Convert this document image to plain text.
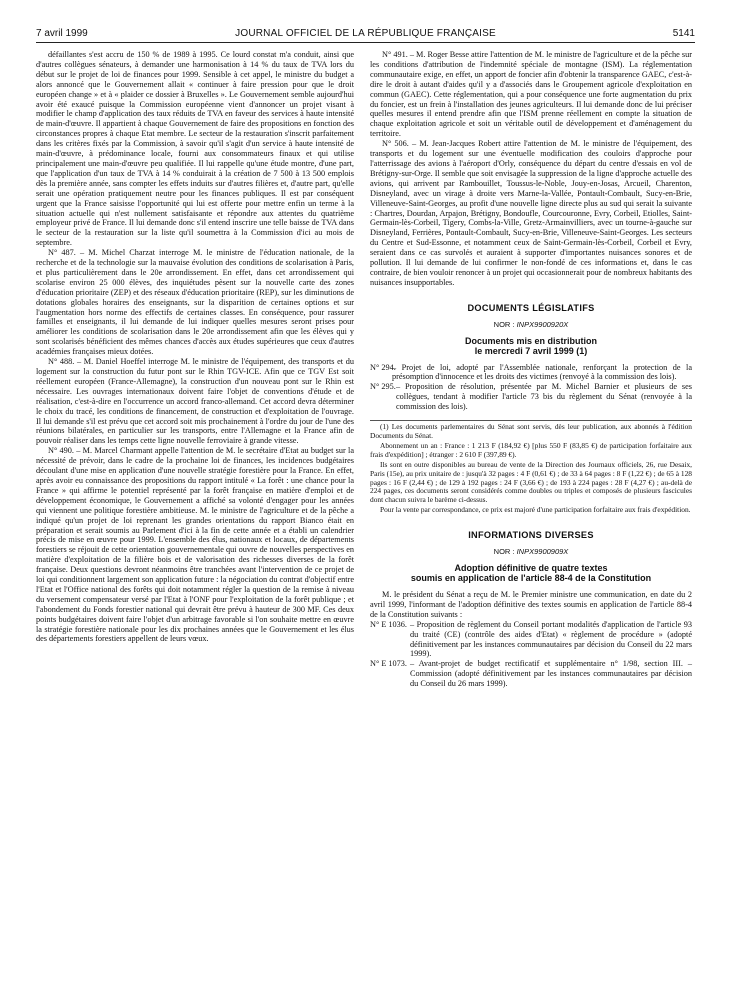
7 avril 1999	JOURNAL OFFICIEL DE LA RÉPUBLIQUE FRANÇAISE	5141

défaillantes s'est accru de 150 % de 1989 à 1995. Ce lourd constat m'a conduit, ainsi que d'autres collègues sénateurs, à demander une harmonisation à 14 % du taux de TVA lors du début sur le projet de loi de finances pour 1999. Sensible à cet appel, le ministre du budget a alors annoncé que le Gouvernement allait « continuer à faire pression pour que le droit européen change » et à « plaider ce dossier à Bruxelles ». Le Gouvernement semble aujourd'hui avoir été exaucé puisque la Commission européenne vient d'annoncer un projet visant à modifier le champ d'application des taux réduits de TVA en faveur des services à haute intensité de main-d'œuvre. Il appartient à chaque Gouvernement de faire des propositions en fonction des circonstances propres à chaque Etat membre. Le secteur de la restauration s'inscrit parfaitement dans les critères fixés par la Commission, à savoir qu'il s'agit d'un service à haute intensité de main-d'œuvre, à prédominance locale, fourni aux consommateurs finaux et qui utilise principalement une main-d'œuvre peu qualifiée. Il lui rappelle qu'une étude montre, d'une part, que l'application d'un taux de TVA à 14 % conduirait à la création de 7 500 à 13 500 emplois dès la première année, sans compter les effets induits sur d'autres filières et, d'autre part, qu'elle serait une opération pratiquement neutre pour les finances publiques. Il est par conséquent urgent que la France saisisse l'opportunité qui lui est offerte pour mettre enfin un terme à la situation actuelle qui n'est nullement satisfaisante et répondre aux attentes du quatrième employeur privé de France. Il lui demande donc s'il entend inscrire une telle baisse de TVA dans le secteur de la restauration sur la liste qu'il soumettra à la Commission d'ici au mois de septembre.

N° 487. – M. Michel Charzat interroge M. le ministre de l'éducation nationale, de la recherche et de la technologie sur la mauvaise évolution des conditions de scolarisation à Paris, et plus particulièrement dans le 20e arrondissement. En effet, dans cet arrondissement qui scolarise environ 25 000 élèves, des inquiétudes pèsent sur la nouvelle carte des zones d'éducation prioritaire (ZEP) et des réseaux d'éducation prioritaire (REP), sur les diminutions de dotations globales horaires des enseignants, sur la disparition de certaines options et sur l'augmentation hors norme des effectifs de certaines classes. En conséquence, pour rassurer familles et enseignants, il lui demande de lui indiquer quelles mesures seront prises pour améliorer les conditions de scolarisation dans le 20e arrondissement afin que les élèves qui y sont scolarisés bénéficient des mêmes chances d'accès aux études supérieures que ceux d'autres académies françaises mieux dotées.

N° 488. – M. Daniel Hoeffel interroge M. le ministre de l'équipement, des transports et du logement sur la construction du futur pont sur le Rhin TGV-ICE. Afin que ce TGV Est soit réellement européen (France-Allemagne), la construction d'un nouveau pont sur le Rhin est nécessaire. Les ouvrages internationaux doivent faire l'objet de conventions d'étude et de réalisation, c'est-à-dire en l'occurrence un accord franco-allemand. Cet accord devra déterminer le choix du tracé, les conditions de financement, de construction et d'exploitation de l'ouvrage. Il lui demande s'il est prévu que cet accord soit mis prochainement à l'ordre du jour de l'une des réunions bilatérales, en particulier sur les transports, entre l'Allemagne et la France afin de pouvoir réaliser dans les temps cette ligne nouvelle ferroviaire à grande vitesse.

N° 490. – M. Marcel Charmant appelle l'attention de M. le secrétaire d'Etat au budget sur la nécessité de prévoir, dans le cadre de la prochaine loi de finances, les incidences budgétaires découlant d'une mise en application d'une nouvelle stratégie forestière pour la France. En effet, après avoir eu connaissance des propositions du rapport intitulé « La forêt : une chance pour la France » qui affirme le potentiel représenté par la forêt française en matière d'emploi et de développement économique, le Gouvernement a affiché sa volonté d'engager pour les années qui viennent une politique forestière ambitieuse. M. le ministre de l'agriculture et de la pêche a indiqué qu'un projet de loi reprenant les grandes orientations du rapport Bianco était en préparation et serait soumis au Parlement d'ici à la fin de cette année et a établi un calendrier précis de mise en œuvre pour 1999. L'ensemble des élus, nationaux et locaux, de départements forestiers se réjouit de cette orientation gouvernementale qui ouvre de nouvelles perspectives en matière d'exploitation de la filière bois et de valorisation des richesses diverses de la forêt française. Deux questions devront néanmoins être tranchées avant l'intervention de ce projet de loi qui conditionnent largement son application future : la négociation du contrat d'objectif entre l'Etat et l'Office national des forêts qui doit notamment régler la question de la remise à niveau du versement compensateur versé par l'Etat à l'ONF pour l'exploitation de la forêt publique ; et l'abondement du Fonds forestier national qui devrait être prévu à hauteur de 300 MF. Ces deux points budgétaires doivent faire l'objet d'un arbitrage favorable si l'on souhaite mettre en œuvre la stratégie forestière nationale pour les dix prochaines années que le Gouvernement et les élus des départements forestiers appellent de leurs vœux.

N° 491. – M. Roger Besse attire l'attention de M. le ministre de l'agriculture et de la pêche sur les conditions d'attribution de l'indemnité spéciale de montagne (ISM). La réglementation communautaire exige, en effet, un apport de foncier afin d'obtenir la transparence GAEC, c'est-à-dire le droit à autant d'aides qu'il y a d'associés dans le Groupement agricole d'exploitation en commun (GAEC). Cette réglementation, qui a pour conséquence une forte augmentation du prix du foncier, est un frein à l'installation des jeunes agriculteurs. Il lui demande donc de lui préciser quelles mesures il entend prendre afin que l'ISM prenne réellement en compte la situation de chaque exploitation agricole et soit un véritable outil de développement et d'aménagement du territoire.

N° 506. – M. Jean-Jacques Robert attire l'attention de M. le ministre de l'équipement, des transports et du logement sur une éventuelle modification des couloirs d'approche pour l'atterrissage des avions à l'aéroport d'Orly, conséquence du départ du centre d'essais en vol de Brétigny-sur-Orge. Il semble que soit envisagée la suppression de la ligne d'approche actuelle des avions, qui arrivent par Rambouillet, Toussus-le-Noble, Jouy-en-Josas, Arcueil, Charenton, Disneyland, avec un virage à droite vers Marne-la-Vallée, Pontault-Combault, Sucy-en-Brie, Villeneuve-Saint-Georges, au profit d'une nouvelle ligne directe plus au sud qui serait la suivante : Chartres, Dourdan, Arpajon, Brétigny, Bondoufle, Courcouronne, Evry, Corbeil, Etiolles, Saint-Germain-lès-Corbeil, Tigery, Combs-la-Ville, Gretz-Armainvilliers, avec un tourne-à-gauche sur Disneyland, Ferrières, Pontault-Combault, Sucy-en-Brie, Villeneuve-Saint-Georges. Les secteurs du Centre et Sud-Essonne, et notamment ceux de Saint-Germain-lès-Corbeil, Corbeil et Evry, seraient dans ce cas survolés et auraient à supporter d'importantes nuisances sonores et de pollution. Il lui demande de lui confirmer le non-fondé de ces informations et, dans le cas contraire, de bien vouloir renoncer à un projet qui occasionnerait pour de nombreux habitants des nuisances insupportables.

DOCUMENTS LÉGISLATIFS
NOR : INPX9900920X
Documents mis en distribution
le mercredi 7 avril 1999 (1)

N° 294.
– Projet de loi, adopté par l'Assemblée nationale, renforçant la protection de la présomption d'innocence et les droits des victimes (renvoyé à la commission des lois).

N° 295. – Proposition de résolution, présentée par M. Michel Barnier et plusieurs de ses collègues, tendant à modifier l'article 73 bis du règlement du Sénat (renvoyée à la commission des lois).

(1) Les documents parlementaires du Sénat sont servis, dès leur publication, aux abonnés à l'édition Documents du Sénat.

Abonnement un an : France : 1 213 F (184,92 €) [plus 550 F (83,85 €) de participation forfaitaire aux frais d'expédition] ; étranger : 2 610 F (397,89 €).

Ils sont en outre disponibles au bureau de vente de la Direction des Journaux officiels, 26, rue Desaix, Paris (15e), au prix unitaire de : jusqu'à 32 pages : 4 F (0,61 €) ; de 33 à 64 pages : 8 F (1,22 €) ; de 65 à 128 pages : 16 F (2,44 €) ; de 129 à 192 pages : 24 F (3,66 €) ; de 193 à 224 pages : 28 F (4,27 €) ; au-delà de 224 pages, ces documents seront considérés comme doubles ou triples et composés de plusieurs fascicules dont chacun suivra le barème ci-dessus.

Pour la vente par correspondance, ce prix est majoré d'une participation forfaitaire aux frais d'expédition.

INFORMATIONS DIVERSES
NOR : INPX9900909X
Adoption définitive de quatre textes
soumis en application de l'article 88-4 de la Constitution

M. le président du Sénat a reçu de M. le Premier ministre une communication, en date du 2 avril 1999, l'informant de l'adoption définitive des textes soumis en application de l'article 88-4 de la Constitution suivants :

N° E 1036. – Proposition de règlement du Conseil portant modalités d'application de l'article 93 du traité (CE) (contrôle des aides d'Etat) « règlement de procédure » (adopté définitivement par les instances communautaires par décision du Conseil du 22 mars 1999).

N° E 1073. – Avant-projet de budget rectificatif et supplémentaire n° 1/98, section III. – Commission (adopté définitivement par les instances communautaires par décision du Conseil du 26 mars 1999).
